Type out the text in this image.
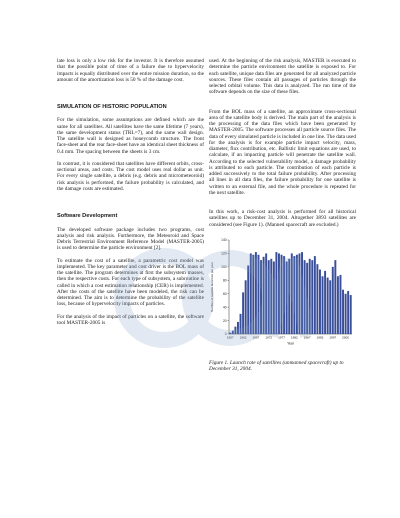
late loss is only a low risk for the investor. It is therefore assumed that the possible point of time of a failure due to hypervelocity impacts is equally distributed over the entire mission duration, so the amount of the amortization loss is 50 % of the damage cost.

SIMULATION OF HISTORIC POPULATION

For the simulation, some assumptions are defined which are the same for all satellites. All satellites have the same lifetime (7 years), the same development status (TRL=7), and the same wall design. The satellite wall is designed as honeycomb structure. The front face-sheet and the rear face-sheet have an identical sheet thickness of 0.4 mm. The spacing between the sheets is 3 cm.

In contrast, it is considered that satellites have different orbits, cross-sectional areas, and costs. The cost model uses real dollar as unit. For every single satellite, a debris (e.g. debris and micrometeoroid) risk analysis is performed, the failure probability is calculated, and the damage costs are estimated.

Software Development

The developed software package includes two programs, cost analysis and risk analysis. Furthermore, the Meteoroid and Space Debris Terrestrial Environment Reference Model (MASTER-2005) is used to determine the particle environment [2].

To estimate the cost of a satellite, a parametric cost model was implemented. The key parameter and cost driver is the BOL mass of the satellite. The program determines at first the subsystem masses, then the respective costs. For each type of subsystem, a subroutine is called in which a cost estimation relationship (CER) is implemented. After the costs of the satellite have been modeled, the risk can be determined. The aim is to determine the probability of the satellite loss, because of hypervelocity impacts of particles.

For the analysis of the impact of particles on a satellite, the software tool MASTER-2005 is

used. At the beginning of the risk analysis, MASTER is executed to determine the particle environment the satellite is exposed to. For each satellite, unique data files are generated for all analyzed particle sources. These files contain all passages of particles through the selected orbital volume. This data is analyzed. The run time of the software depends on the size of these files.

From the BOL mass of a satellite, an approximate cross-sectional area of the satellite body is derived. The main part of the analysis is the processing of the data files which have been generated by MASTER-2005. The software processes all particle source files. The data of every simulated particle is included in one line. The data used for the analysis is for example particle impact velocity, mass, diameter, flux contribution, etc. Ballistic limit equations are used, to calculate, if an impacting particle will penetrate the satellite wall. According to the selected vulnerability model, a damage probability is attributed to each particle. The contribution of each particle is added successively to the total failure probability. After processing all lines in all data files, the failure probability for one satellite is written to an external file, and the whole procedure is repeated for the next satellite.

In this work, a risk-cost analysis is performed for all historical satellites up to December 31, 2004. Altogether 3893 satellites are considered (see Figure 1). (Manned spacecraft are excluded.)

0
20
40
60
80
100
120
140
1957 1962 1967 1972 1977 1982 1987 1992 1997 2002
Year
Number of satellite launches per year
Figure 1. Launch rate of satellites (unmanned spacecraft) up to December 31, 2004.
